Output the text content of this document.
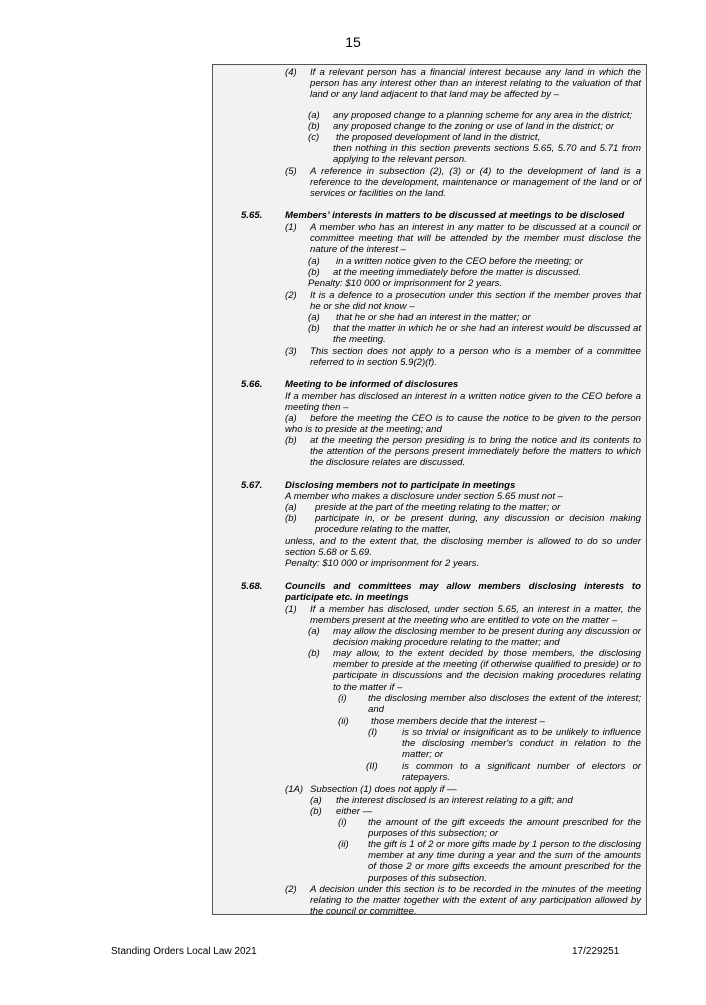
15
(4) If a relevant person has a financial interest because any land in which the person has any interest other than an interest relating to the valuation of that land or any land adjacent to that land may be affected by –
(a) any proposed change to a planning scheme for any area in the district;
(b) any proposed change to the zoning or use of land in the district; or
(c) the proposed development of land in the district,
then nothing in this section prevents sections 5.65, 5.70 and 5.71 from applying to the relevant person.
(5) A reference in subsection (2), (3) or (4) to the development of land is a reference to the development, maintenance or management of the land or of services or facilities on the land.
5.65. Members’ interests in matters to be discussed at meetings to be disclosed
(1) A member who has an interest in any matter to be discussed at a council or committee meeting that will be attended by the member must disclose the nature of the interest –
(a) in a written notice given to the CEO before the meeting; or
(b) at the meeting immediately before the matter is discussed.
Penalty: $10 000 or imprisonment for 2 years.
(2) It is a defence to a prosecution under this section if the member proves that he or she did not know –
(a) that he or she had an interest in the matter; or
(b) that the matter in which he or she had an interest would be discussed at the meeting.
(3) This section does not apply to a person who is a member of a committee referred to in section 5.9(2)(f).
5.66. Meeting to be informed of disclosures
If a member has disclosed an interest in a written notice given to the CEO before a meeting then –
(a)    before the meeting the CEO is to cause the notice to be given to the person who is to preside at the meeting; and
(b) at the meeting the person presiding is to bring the notice and its contents to the attention of the persons present immediately before the matters to which the disclosure relates are discussed.
5.67. Disclosing members not to participate in meetings
A member who makes a disclosure under section 5.65 must not –
(a) preside at the part of the meeting relating to the matter; or
(b) participate in, or be present during, any discussion or decision making procedure relating to the matter,
unless, and to the extent that, the disclosing member is allowed to do so under section 5.68 or 5.69.
Penalty: $10 000 or imprisonment for 2 years.
5.68. Councils and committees may allow members disclosing interests to participate etc. in meetings
(1) If a member has disclosed, under section 5.65, an interest in a matter, the members present at the meeting who are entitled to vote on the matter –
(a) may allow the disclosing member to be present during any discussion or decision making procedure relating to the matter; and
(b) may allow, to the extent decided by those members, the disclosing member to preside at the meeting (if otherwise qualified to preside) or to participate in discussions and the decision making procedures relating to the matter if –
(i) the disclosing member also discloses the extent of the interest; and
(ii) those members decide that the interest –
(I)	is so trivial or insignificant as to be unlikely to influence the disclosing member's conduct in relation to the matter; or
(II)	is common to a significant number of electors or ratepayers.
(1A) Subsection (1) does not apply if —
(a) the interest disclosed is an interest relating to a gift; and
(b) either —
(i) the amount of the gift exceeds the amount prescribed for the purposes of this subsection; or
(ii) the gift is 1 of 2 or more gifts made by 1 person to the disclosing member at any time during a year and the sum of the amounts of those 2 or more gifts exceeds the amount prescribed for the purposes of this subsection.
(2) A decision under this section is to be recorded in the minutes of the meeting relating to the matter together with the extent of any participation allowed by the council or committee.
Standing Orders Local Law 2021	17/229251
